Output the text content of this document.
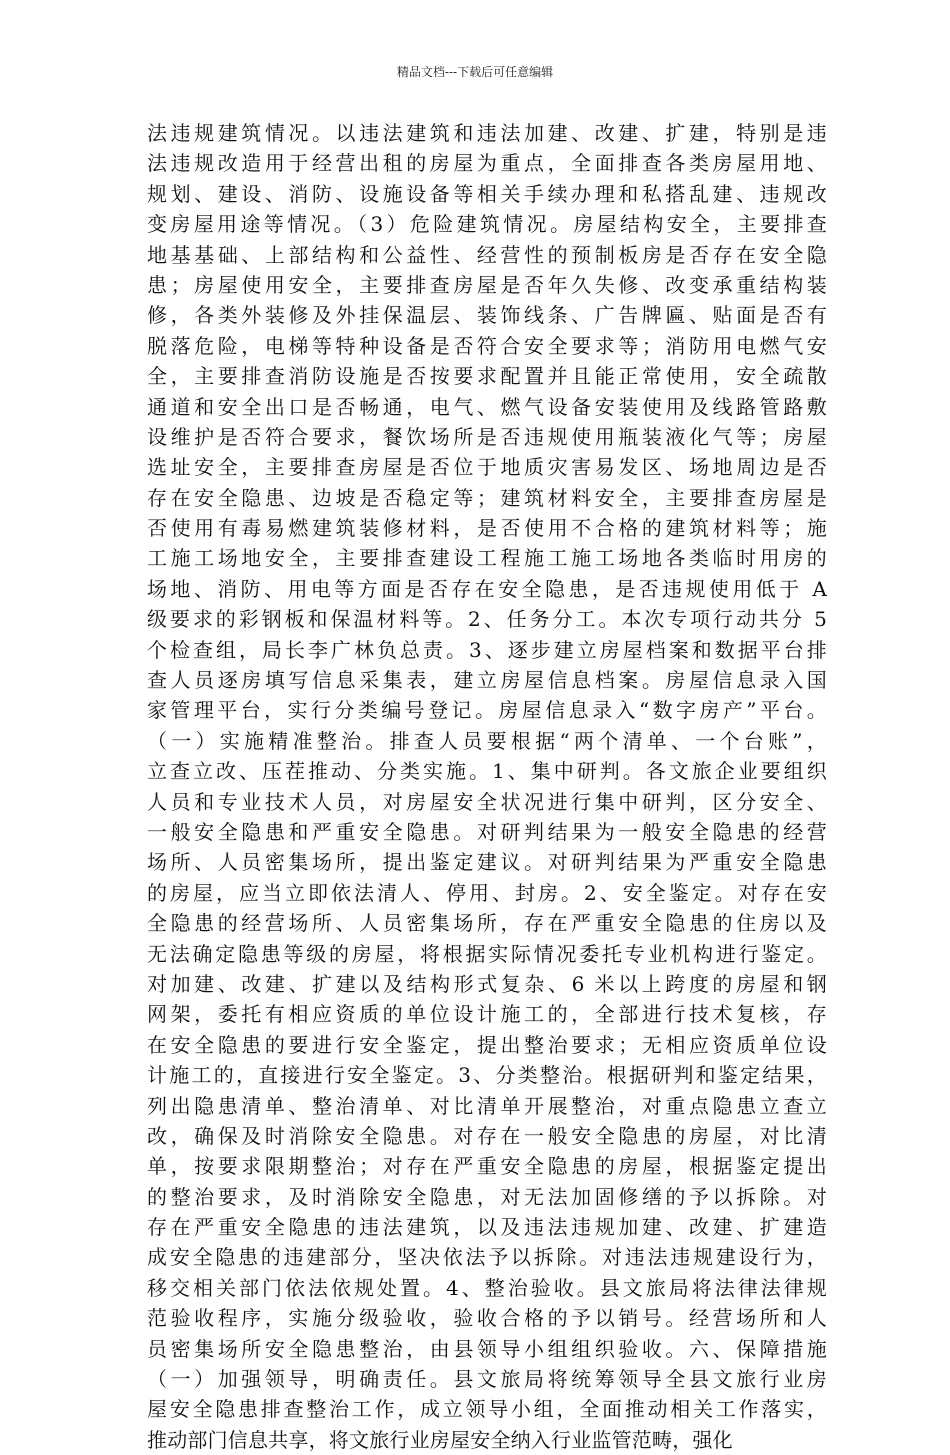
精品文档---下载后可任意编辑
法违规建筑情况。以违法建筑和违法加建、改建、扩建，特别是违
法违规改造用于经营出租的房屋为重点，全面排查各类房屋用地、
规划、建设、消防、设施设备等相关手续办理和私搭乱建、违规改
变房屋用途等情况。（3）危险建筑情况。房屋结构安全，主要排查
地基基础、上部结构和公益性、经营性的预制板房是否存在安全隐
患；房屋使用安全，主要排查房屋是否年久失修、改变承重结构装
修，各类外装修及外挂保温层、装饰线条、广告牌匾、贴面是否有
脱落危险，电梯等特种设备是否符合安全要求等；消防用电燃气安
全，主要排查消防设施是否按要求配置并且能正常使用，安全疏散
通道和安全出口是否畅通，电气、燃气设备安装使用及线路管路敷
设维护是否符合要求，餐饮场所是否违规使用瓶装液化气等；房屋
选址安全，主要排查房屋是否位于地质灾害易发区、场地周边是否
存在安全隐患、边坡是否稳定等；建筑材料安全，主要排查房屋是
否使用有毒易燃建筑装修材料，是否使用不合格的建筑材料等；施
工施工场地安全，主要排查建设工程施工施工场地各类临时用房的
场地、消防、用电等方面是否存在安全隐患，是否违规使用低于 A
级要求的彩钢板和保温材料等。2、任务分工。本次专项行动共分 5
个检查组，局长李广林负总责。3、逐步建立房屋档案和数据平台排
查人员逐房填写信息采集表，建立房屋信息档案。房屋信息录入国
家管理平台，实行分类编号登记。房屋信息录入“数字房产”平台。
（一）实施精准整治。排查人员要根据“两个清单、一个台账”，
立查立改、压茬推动、分类实施。1、集中研判。各文旅企业要组织
人员和专业技术人员，对房屋安全状况进行集中研判，区分安全、
一般安全隐患和严重安全隐患。对研判结果为一般安全隐患的经营
场所、人员密集场所，提出鉴定建议。对研判结果为严重安全隐患
的房屋，应当立即依法清人、停用、封房。2、安全鉴定。对存在安
全隐患的经营场所、人员密集场所，存在严重安全隐患的住房以及
无法确定隐患等级的房屋，将根据实际情况委托专业机构进行鉴定。
对加建、改建、扩建以及结构形式复杂、6 米以上跨度的房屋和钢
网架，委托有相应资质的单位设计施工的，全部进行技术复核，存
在安全隐患的要进行安全鉴定，提出整治要求；无相应资质单位设
计施工的，直接进行安全鉴定。3、分类整治。根据研判和鉴定结果，
列出隐患清单、整治清单、对比清单开展整治，对重点隐患立查立
改，确保及时消除安全隐患。对存在一般安全隐患的房屋，对比清
单，按要求限期整治；对存在严重安全隐患的房屋，根据鉴定提出
的整治要求，及时消除安全隐患，对无法加固修缮的予以拆除。对
存在严重安全隐患的违法建筑，以及违法违规加建、改建、扩建造
成安全隐患的违建部分，坚决依法予以拆除。对违法违规建设行为，
移交相关部门依法依规处置。4、整治验收。县文旅局将法律法律规
范验收程序，实施分级验收，验收合格的予以销号。经营场所和人
员密集场所安全隐患整治，由县领导小组组织验收。六、保障措施
（一）加强领导，明确责任。县文旅局将统筹领导全县文旅行业房
屋安全隐患排查整治工作，成立领导小组，全面推动相关工作落实，
推动部门信息共享，将文旅行业房屋安全纳入行业监管范畴，强化
